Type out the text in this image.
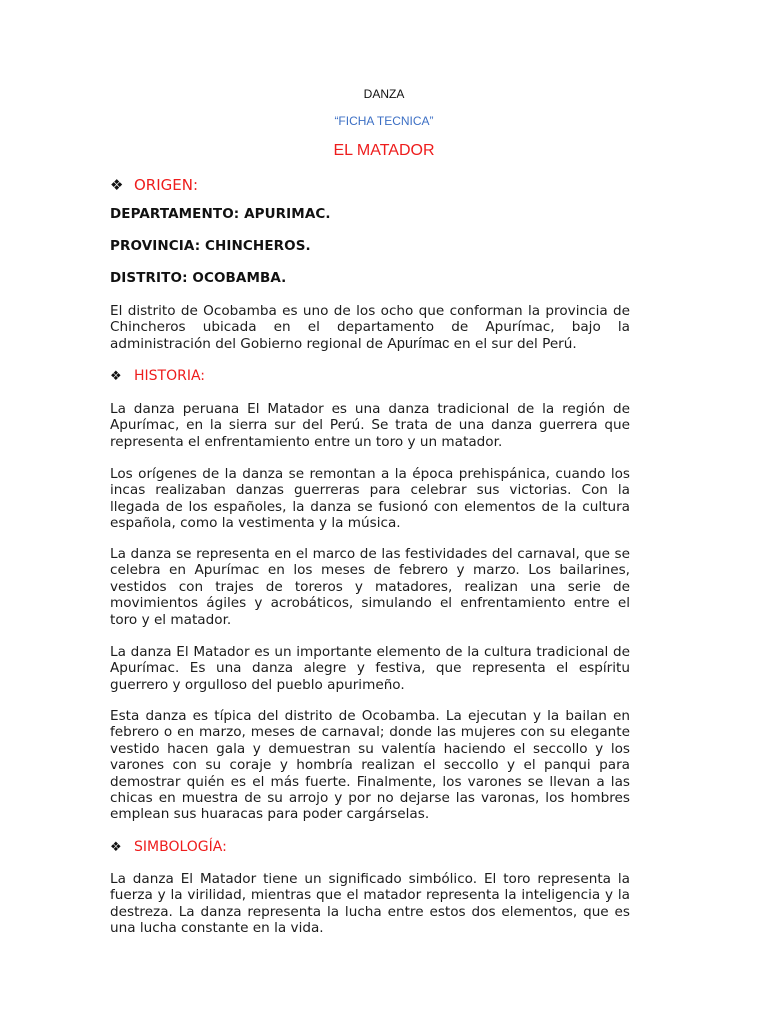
DANZA
“FICHA TECNICA”
EL MATADOR
❖ ORIGEN:
DEPARTAMENTO: APURIMAC.
PROVINCIA: CHINCHEROS.
DISTRITO: OCOBAMBA.

El distrito de Ocobamba es uno de los ocho que conforman la provincia de Chincheros ubicada en el departamento de Apurímac, bajo la administración del Gobierno regional de Apurímac en el sur del Perú.

❖ HISTORIA:

La danza peruana El Matador es una danza tradicional de la región de Apurímac, en la sierra sur del Perú. Se trata de una danza guerrera que representa el enfrentamiento entre un toro y un matador.

Los orígenes de la danza se remontan a la época prehispánica, cuando los incas realizaban danzas guerreras para celebrar sus victorias. Con la llegada de los españoles, la danza se fusionó con elementos de la cultura española, como la vestimenta y la música.

La danza se representa en el marco de las festividades del carnaval, que se celebra en Apurímac en los meses de febrero y marzo. Los bailarines, vestidos con trajes de toreros y matadores, realizan una serie de movimientos ágiles y acrobáticos, simulando el enfrentamiento entre el toro y el matador.

La danza El Matador es un importante elemento de la cultura tradicional de Apurímac. Es una danza alegre y festiva, que representa el espíritu guerrero y orgulloso del pueblo apurimeño.

Esta danza es típica del distrito de Ocobamba. La ejecutan y la bailan en febrero o en marzo, meses de carnaval; donde las mujeres con su elegante vestido hacen gala y demuestran su valentía haciendo el seccollo y los varones con su coraje y hombría realizan el seccollo y el panqui para demostrar quién es el más fuerte. Finalmente, los varones se llevan a las chicas en muestra de su arrojo y por no dejarse las varonas, los hombres emplean sus huaracas para poder cargárselas.

❖ SIMBOLOGÍA:

La danza El Matador tiene un significado simbólico. El toro representa la fuerza y la virilidad, mientras que el matador representa la inteligencia y la destreza. La danza representa la lucha entre estos dos elementos, que es una lucha constante en la vida.
